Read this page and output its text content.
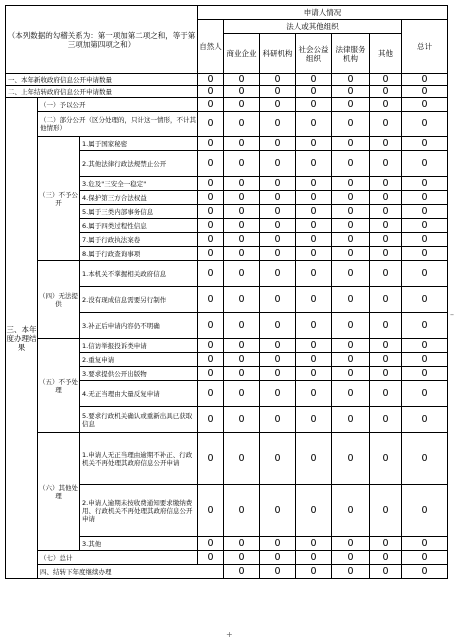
（本列数据的勾稽关系为：第一项加第二项之和，等于第三项加第四项之和）			申请人情况							
			自然人	法人或其他组织					总计	
				商业企业	科研机构	社会公益组织	法律服务机构	其他		
一、本年新收政府信息公开申请数量			0	0	0	0	0	0	0	
二、上年结转政府信息公开申请数量			0	0	0	0	0	0	0	
三、本年度办理结果	（一）予以公开		0	0	0	0	0	0	0	
	（二）部分公开（区分处理的，只计这一情形，不计其他情形）		0	0	0	0	0	0	0	
	（三）不予公开	1.属于国家秘密	0	0	0	0	0	0	0	
		2.其他法律行政法规禁止公开	0	0	0	0	0	0	0	
		3.危及"三安全一稳定"	0	0	0	0	0	0	0	
		4.保护第三方合法权益	0	0	0	0	0	0	0	
		5.属于三类内部事务信息	0	0	0	0	0	0	0	
		6.属于四类过程性信息	0	0	0	0	0	0	0	
		7.属于行政执法案卷	0	0	0	0	0	0	0	
		8.属于行政查询事项	0	0	0	0	0	0	0	
	（四）无法提供	1.本机关不掌握相关政府信息	0	0	0	0	0	0	0	
		2.没有现成信息需要另行制作	0	0	0	0	0	0	0	
		3.补正后申请内容仍不明确	0	0	0	0	0	0	0	
	（五）不予处理	1.信访举报投诉类申请	0	0	0	0	0	0	0	
		2.重复申请	0	0	0	0	0	0	0	
		3.要求提供公开出版物	0	0	0	0	0	0	0	
		4.无正当理由大量反复申请	0	0	0	0	0	0	0	
		5.要求行政机关确认或重新出具已获取信息	0	0	0	0	0	0	0	
	（六）其他处理	1.申请人无正当理由逾期不补正、行政机关不再处理其政府信息公开申请	0	0	0	0	0	0	0	
		2.申请人逾期未按收费通知要求缴纳费用、行政机关不再处理其政府信息公开申请	0	0	0	0	0	0	0	
		3.其他	0	0	0	0	0	0	0	
	（七）总计		0	0	0	0	0	0	0	
	四、结转下年度继续办理			0	0	0	0	0	0	
+
–
